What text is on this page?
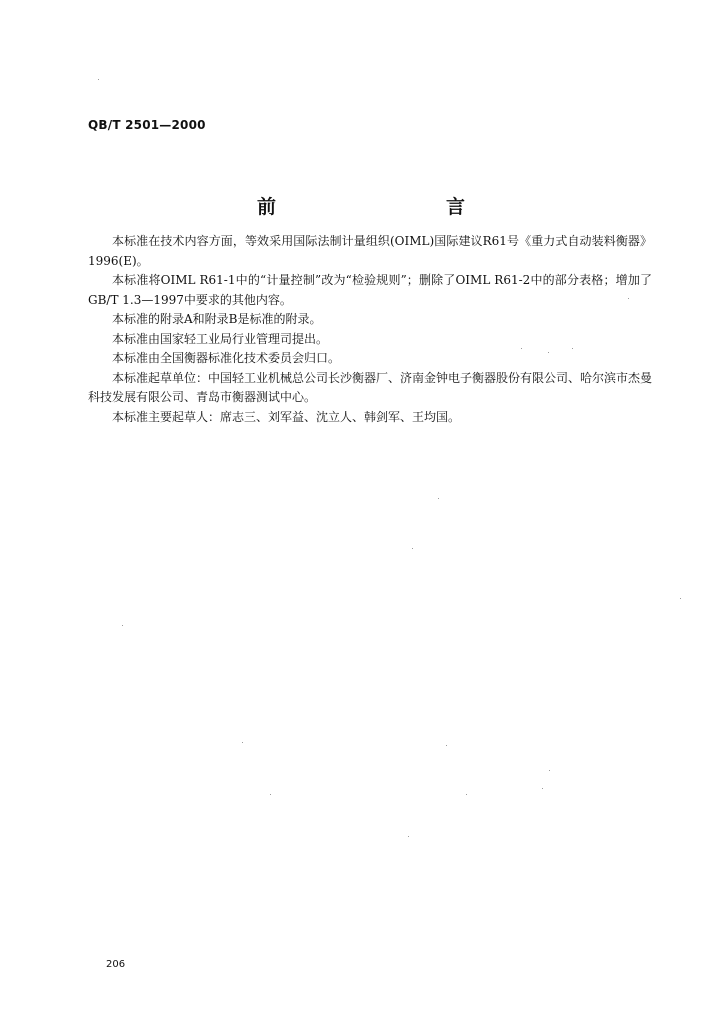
QB/T 2501—2000
前　　言

本标准在技术内容方面，等效采用国际法制计量组织(OIML)国际建议R61号《重力式自动装料衡器》1996(E)。

本标准将OIML R61-1中的“计量控制”改为“检验规则”；删除了OIML R61-2中的部分表格；增加了GB/T 1.3—1997中要求的其他内容。

本标准的附录A和附录B是标准的附录。

本标准由国家轻工业局行业管理司提出。

本标准由全国衡器标准化技术委员会归口。

本标准起草单位：中国轻工业机械总公司长沙衡器厂、济南金钟电子衡器股份有限公司、哈尔滨市杰曼科技发展有限公司、青岛市衡器测试中心。

本标准主要起草人：席志三、刘军益、沈立人、韩剑军、王均国。

206
